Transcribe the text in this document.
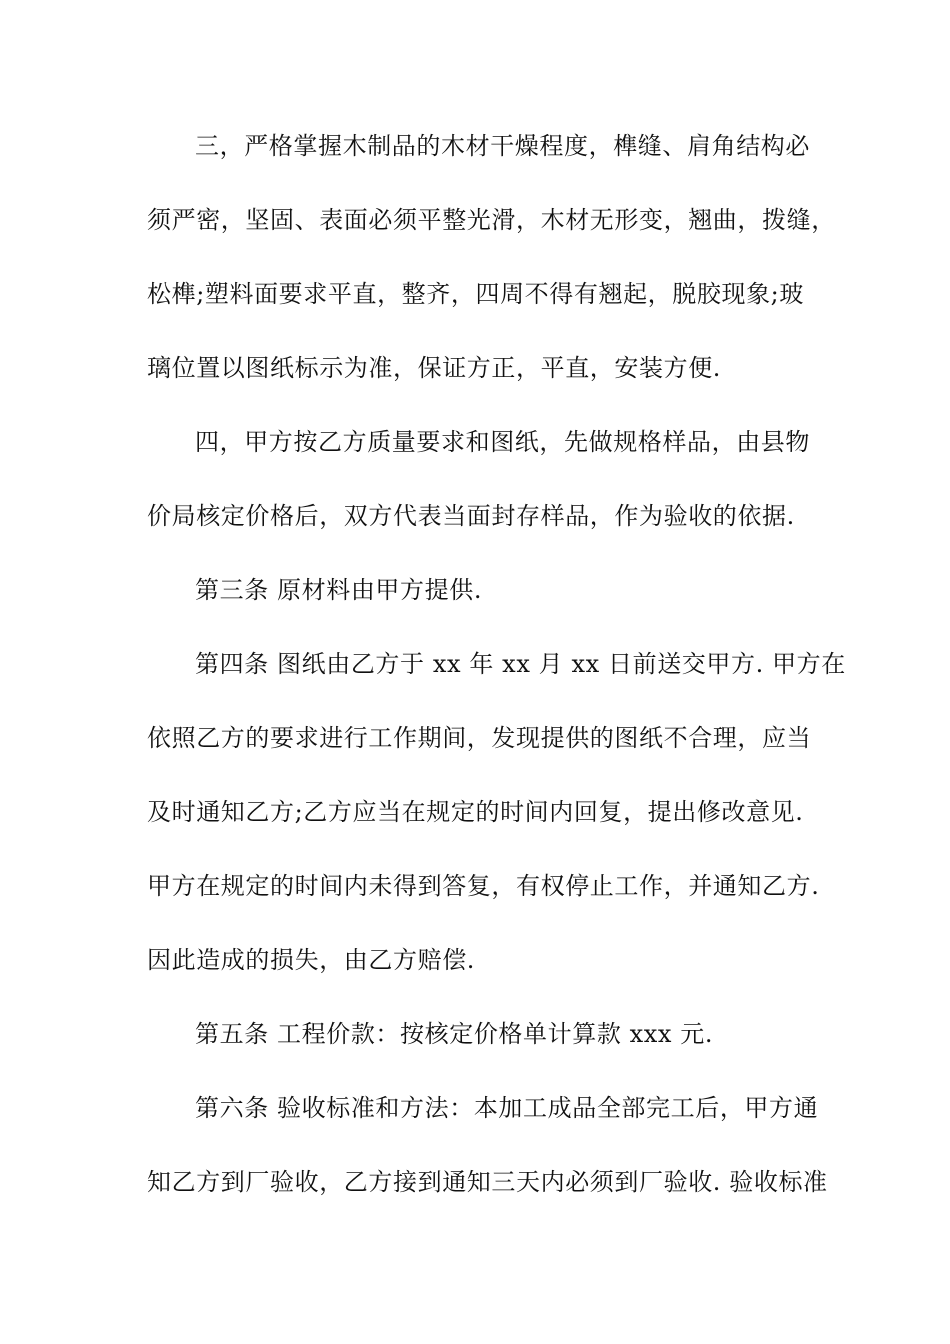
三，严格掌握木制品的木材干燥程度，榫缝、肩角结构必
须严密，坚固、表面必须平整光滑，木材无形变，翘曲，拨缝，
松榫;塑料面要求平直，整齐，四周不得有翘起，脱胶现象;玻
璃位置以图纸标示为准，保证方正，平直，安装方便.
四，甲方按乙方质量要求和图纸，先做规格样品，由县物
价局核定价格后，双方代表当面封存样品，作为验收的依据.
第三条 原材料由甲方提供.
第四条 图纸由乙方于 xx 年 xx 月 xx 日前送交甲方. 甲方在
依照乙方的要求进行工作期间，发现提供的图纸不合理，应当
及时通知乙方;乙方应当在规定的时间内回复，提出修改意见.
甲方在规定的时间内未得到答复，有权停止工作，并通知乙方.
因此造成的损失，由乙方赔偿.
第五条 工程价款：按核定价格单计算款 xxx 元.
第六条 验收标准和方法：本加工成品全部完工后，甲方通
知乙方到厂验收，乙方接到通知三天内必须到厂验收. 验收标准
